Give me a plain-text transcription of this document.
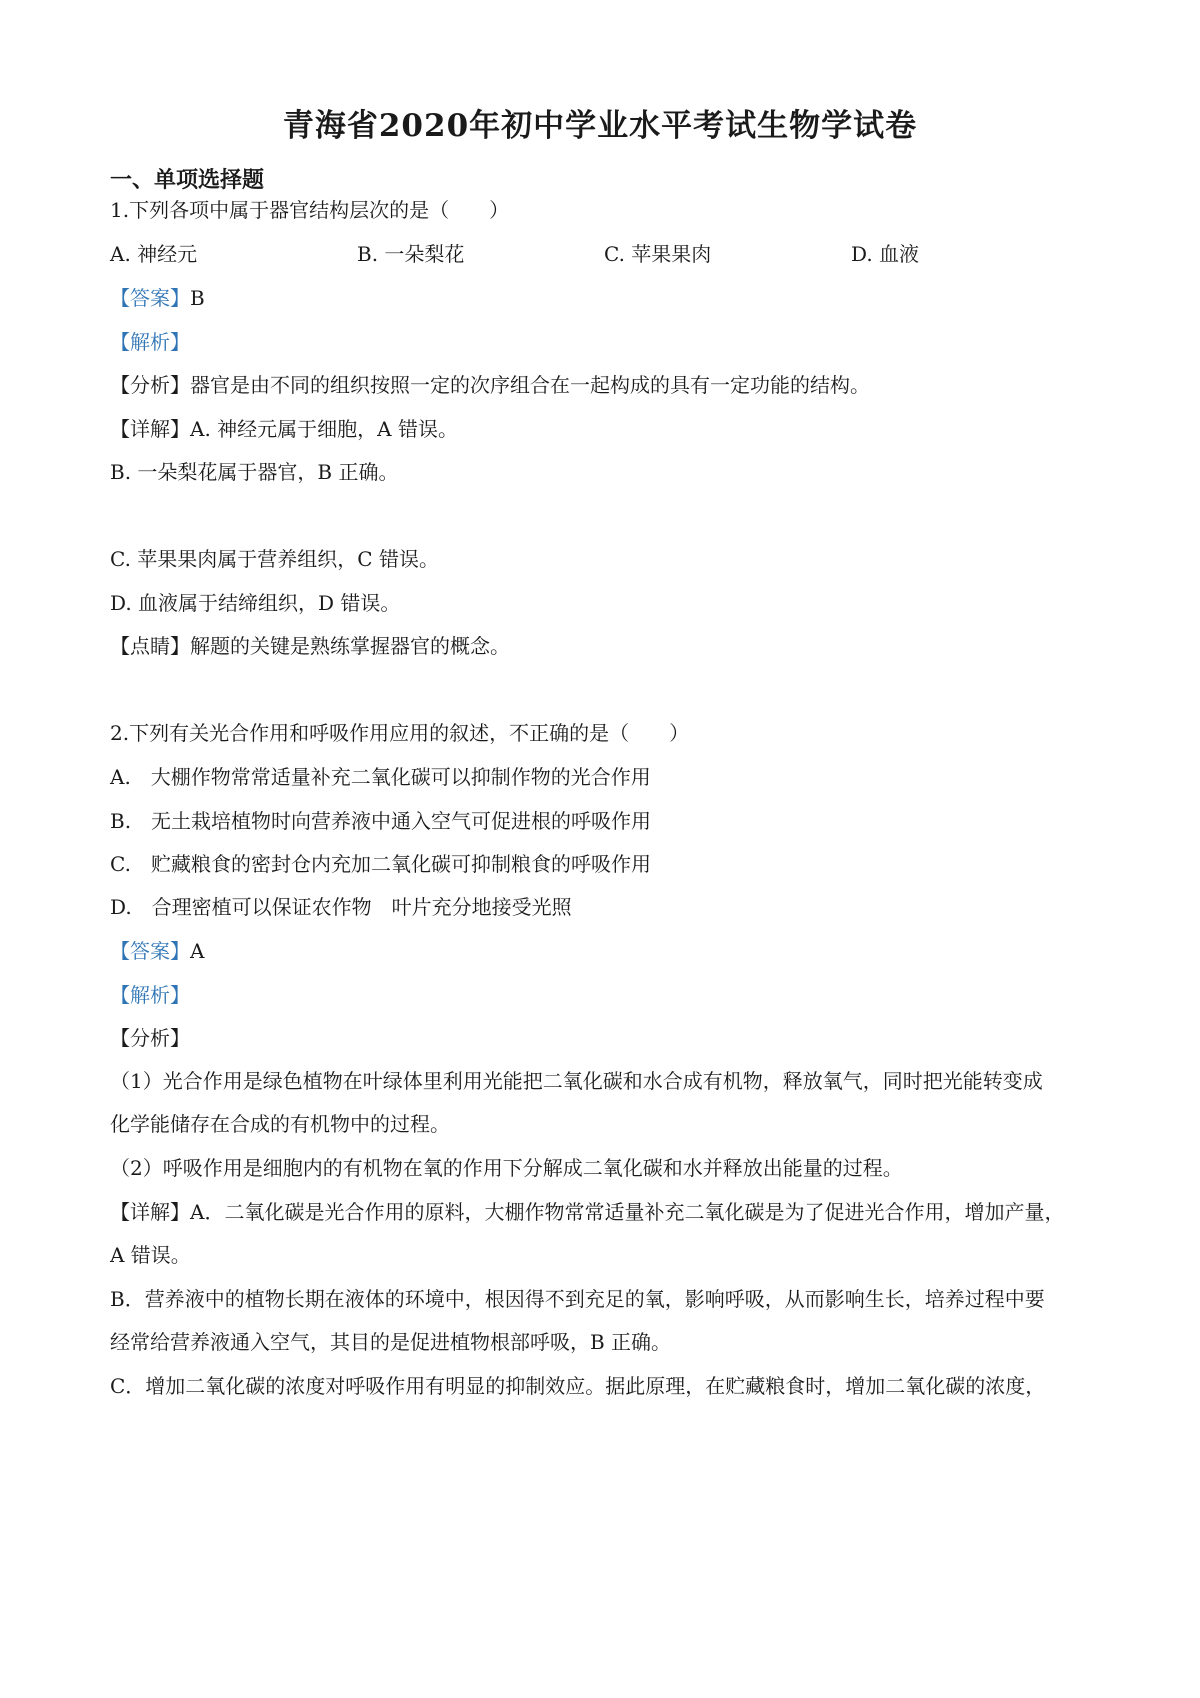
青海省2020年初中学业水平考试生物学试卷
一、单项选择题
1.下列各项中属于器官结构层次的是（　　）
A. 神经元	B. 一朵梨花	C. 苹果果肉	D. 血液
【答案】B
【解析】
【分析】器官是由不同的组织按照一定的次序组合在一起构成的具有一定功能的结构。
【详解】A. 神经元属于细胞，A 错误。
B. 一朵梨花属于器官，B 正确。
C. 苹果果肉属于营养组织，C 错误。
D. 血液属于结缔组织，D 错误。
【点睛】解题的关键是熟练掌握器官的概念。
2.下列有关光合作用和呼吸作用应用的叙述，不正确的是（　　）
A.　大棚作物常常适量补充二氧化碳可以抑制作物的光合作用
B.　无土栽培植物时向营养液中通入空气可促进根的呼吸作用
C.　贮藏粮食的密封仓内充加二氧化碳可抑制粮食的呼吸作用
D.　合理密植可以保证农作物　叶片充分地接受光照
【答案】A
【解析】
【分析】
（1）光合作用是绿色植物在叶绿体里利用光能把二氧化碳和水合成有机物，释放氧气，同时把光能转变成
化学能储存在合成的有机物中的过程。
（2）呼吸作用是细胞内的有机物在氧的作用下分解成二氧化碳和水并释放出能量的过程。
【详解】A．二氧化碳是光合作用的原料，大棚作物常常适量补充二氧化碳是为了促进光合作用，增加产量，
A 错误。
B．营养液中的植物长期在液体的环境中，根因得不到充足的氧，影响呼吸，从而影响生长，培养过程中要
经常给营养液通入空气，其目的是促进植物根部呼吸，B 正确。
C．增加二氧化碳的浓度对呼吸作用有明显的抑制效应。据此原理，在贮藏粮食时，增加二氧化碳的浓度，
